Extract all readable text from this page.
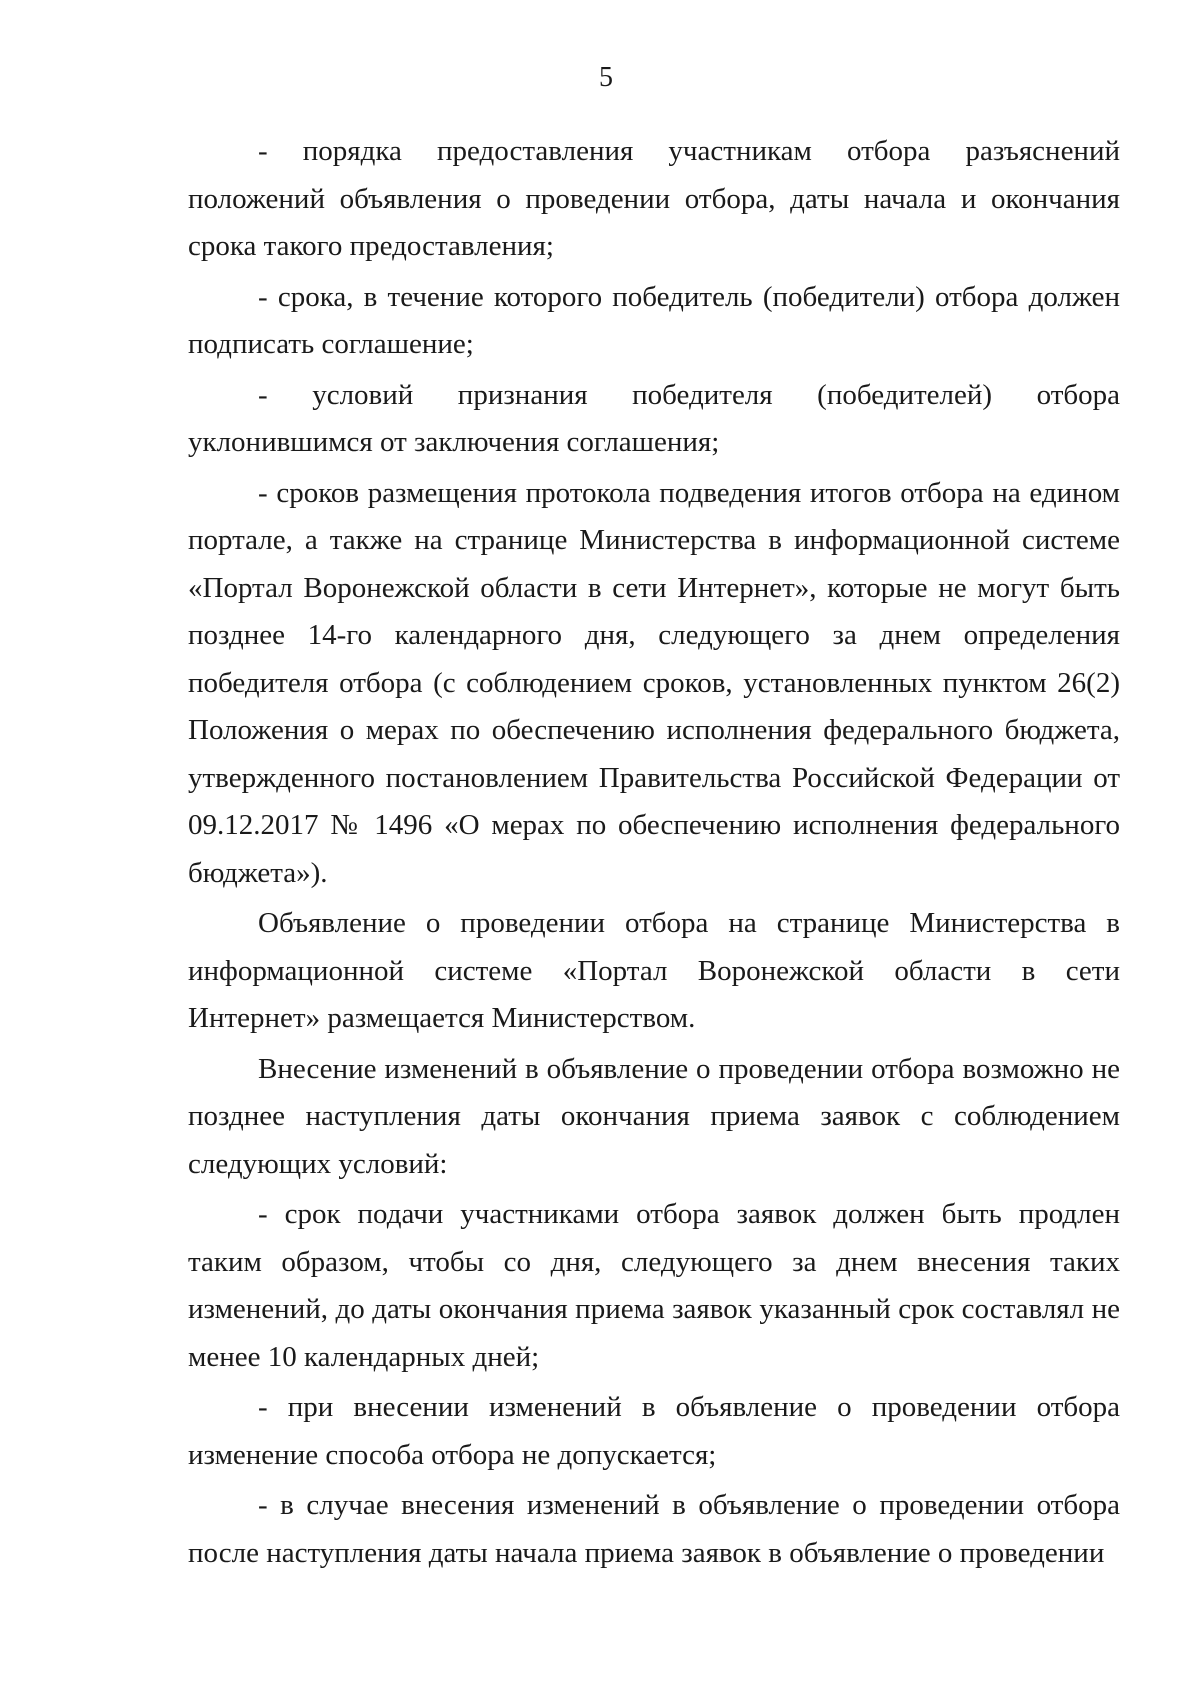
5

- порядка предоставления участникам отбора разъяснений положений объявления о проведении отбора, даты начала и окончания срока такого предоставления;

- срока, в течение которого победитель (победители) отбора должен подписать соглашение;

- условий признания победителя (победителей) отбора уклонившимся от заключения соглашения;

- сроков размещения протокола подведения итогов отбора на едином портале, а также на странице Министерства в информационной системе «Портал Воронежской области в сети Интернет», которые не могут быть позднее 14-го календарного дня, следующего за днем определения победителя отбора (с соблюдением сроков, установленных пунктом 26(2) Положения о мерах по обеспечению исполнения федерального бюджета, утвержденного постановлением Правительства Российской Федерации от 09.12.2017 № 1496 «О мерах по обеспечению исполнения федерального бюджета»).

Объявление о проведении отбора на странице Министерства в информационной системе «Портал Воронежской области в сети Интернет» размещается Министерством.

Внесение изменений в объявление о проведении отбора возможно не позднее наступления даты окончания приема заявок с соблюдением следующих условий:

- срок подачи участниками отбора заявок должен быть продлен таким образом, чтобы со дня, следующего за днем внесения таких изменений, до даты окончания приема заявок указанный срок составлял не менее 10 календарных дней;

- при внесении изменений в объявление о проведении отбора изменение способа отбора не допускается;

- в случае внесения изменений в объявление о проведении отбора после наступления даты начала приема заявок в объявление о проведении
